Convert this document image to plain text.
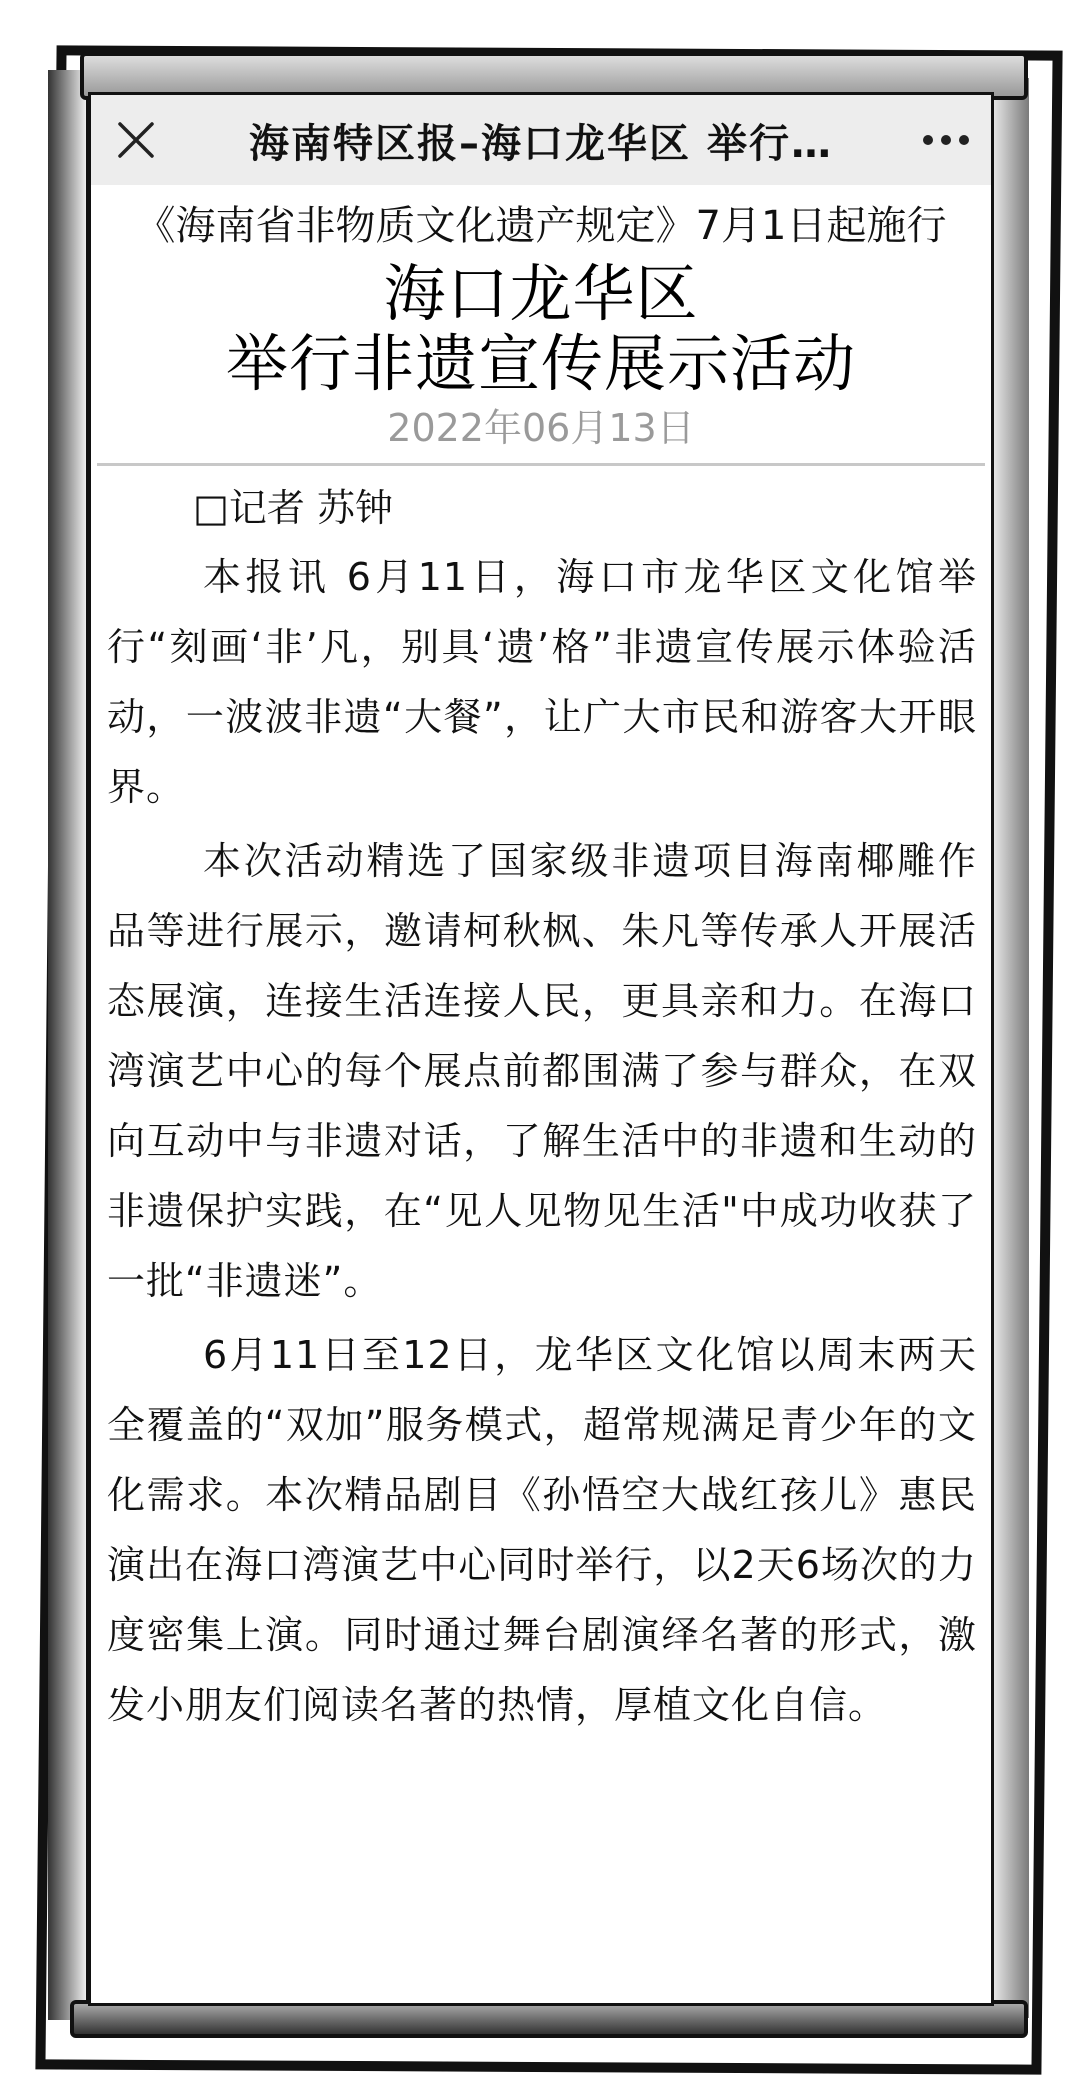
海南特区报–海口龙华区 举行…
《海南省非物质文化遗产规定》7月1日起施行
海口龙华区
举行非遗宣传展示活动
2022年06月13日
□记者 苏钟

本报讯 6月11日，海口市龙华区文化馆举行“刻画‘非’凡，别具‘遗’格”非遗宣传展示体验活动，一波波非遗“大餐”，让广大市民和游客大开眼界。

本次活动精选了国家级非遗项目海南椰雕作品等进行展示，邀请柯秋枫、朱凡等传承人开展活态展演，连接生活连接人民，更具亲和力。在海口湾演艺中心的每个展点前都围满了参与群众，在双向互动中与非遗对话，了解生活中的非遗和生动的非遗保护实践，在“见人见物见生活"中成功收获了一批“非遗迷”。

6月11日至12日，龙华区文化馆以周末两天全覆盖的“双加”服务模式，超常规满足青少年的文化需求。本次精品剧目《孙悟空大战红孩儿》惠民演出在海口湾演艺中心同时举行，以2天6场次的力度密集上演。同时通过舞台剧演绎名著的形式，激发小朋友们阅读名著的热情，厚植文化自信。
